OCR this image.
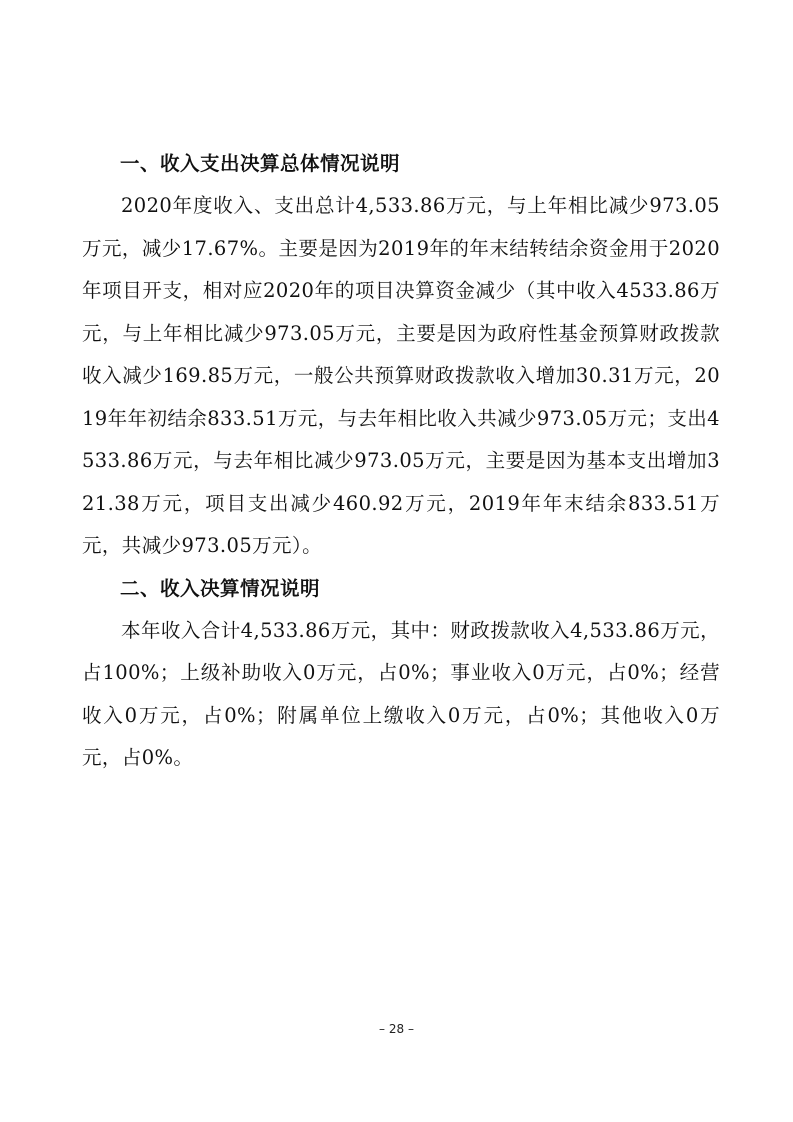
一、收入支出决算总体情况说明

2020年度收入、支出总计4,533.86万元，与上年相比减少973.05万元，减少17.67%。主要是因为2019年的年末结转结余资金用于2020年项目开支，相对应2020年的项目决算资金减少（其中收入4533.86万元，与上年相比减少973.05万元，主要是因为政府性基金预算财政拨款收入减少169.85万元，一般公共预算财政拨款收入增加30.31万元，2019年年初结余833.51万元，与去年相比收入共减少973.05万元；支出4533.86万元，与去年相比减少973.05万元，主要是因为基本支出增加321.38万元，项目支出减少460.92万元，2019年年末结余833.51万元，共减少973.05万元）。

二、收入决算情况说明

本年收入合计4,533.86万元，其中：财政拨款收入4,533.86万元，占100%；上级补助收入0万元，占0%；事业收入0万元，占0%；经营收入0万元，占0%；附属单位上缴收入0万元，占0%；其他收入0万元，占0%。

– 28 –
